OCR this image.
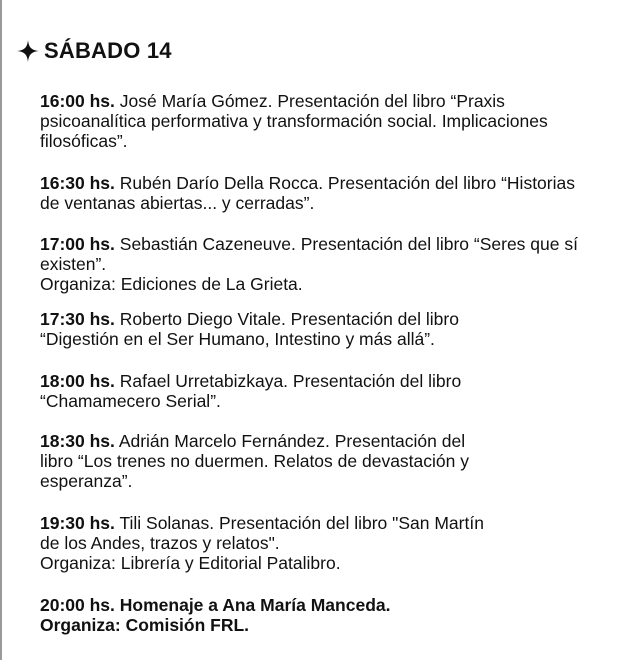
SÁBADO 14

16:00 hs. José María Gómez. Presentación del libro “Praxis
psicoanalítica performativa y transformación social. Implicaciones
filosóficas”.

16:30 hs. Rubén Darío Della Rocca. Presentación del libro “Historias
de ventanas abiertas... y cerradas”.

17:00 hs. Sebastián Cazeneuve. Presentación del libro “Seres que sí
existen”.
Organiza: Ediciones de La Grieta.

17:30 hs. Roberto Diego Vitale. Presentación del libro
“Digestión en el Ser Humano, Intestino y más allá”.

18:00 hs. Rafael Urretabizkaya. Presentación del libro
“Chamamecero Serial”.

18:30 hs. Adrián Marcelo Fernández. Presentación del
libro “Los trenes no duermen. Relatos de devastación y
esperanza”.

19:30 hs. Tili Solanas. Presentación del libro "San Martín
de los Andes, trazos y relatos".
Organiza: Librería y Editorial Patalibro.

20:00 hs. Homenaje a Ana María Manceda.
Organiza: Comisión FRL.
